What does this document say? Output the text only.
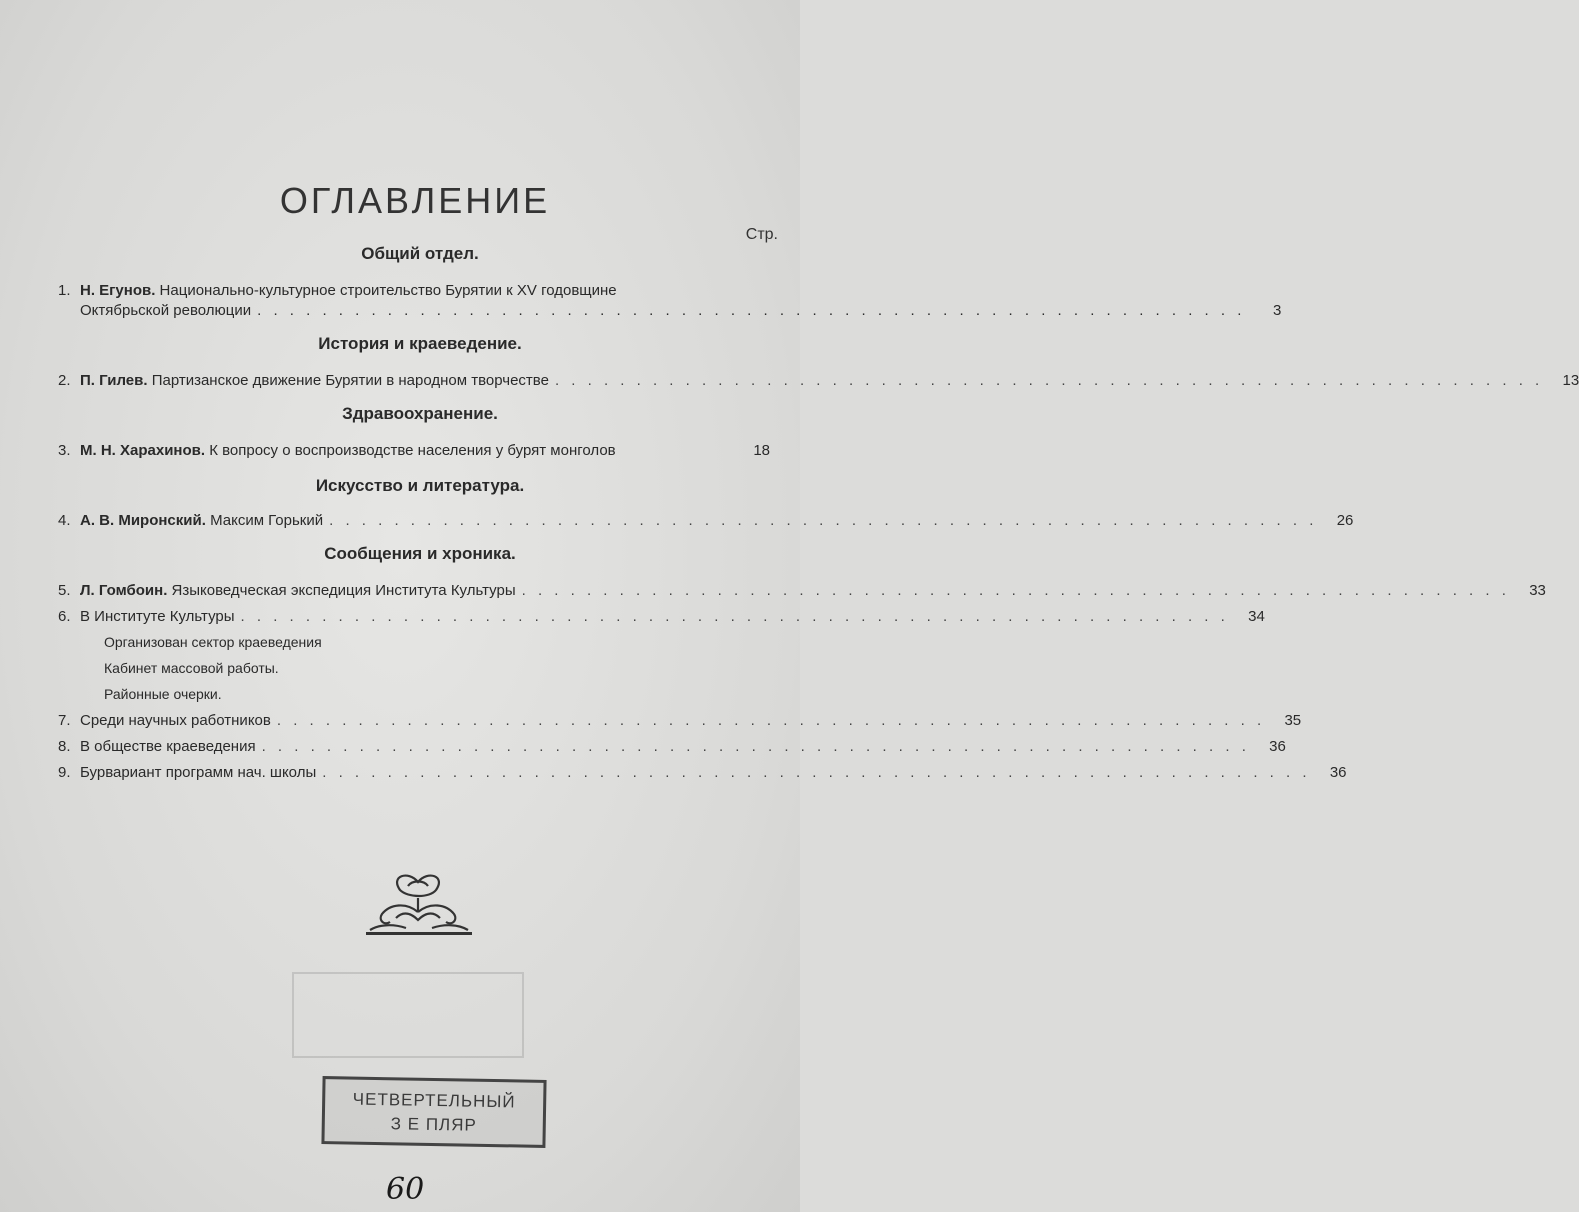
ОГЛАВЛЕНИЕ
Стр.
Общий отдел.
1. Н. Егунов. Национально-культурное строительство Бурятии к XV годовщине
Октябрьской революции . . . . . . . . . . . . . . . . . . . . . . . . . . . . . . . . . . . . . . . . . . . . . . . . . . . . . . . . . . . . .	3
История и краеведение.
2. П. Гилев. Партизанское движение Бурятии в народном творчестве . . . . . . . . . . . . . . . . . . . . . . . . . . . . . . . . . . . . . . . . . . . . . . . . . . . . . . . . . . . . .	13
Здравоохранение.
3. М. Н. Харахинов. К вопросу о воспроизводстве населения у бурят монголов	18
Искусство и литература.
4. А. В. Миронский. Максим Горький . . . . . . . . . . . . . . . . . . . . . . . . . . . . . . . . . . . . . . . . . . . . . . . . . . . . . . . . . . . . .	26
Сообщения и хроника.
5. Л. Гомбоин. Языковедческая экспедиция Института Культуры . . . . . . . . . . . . . . . . . . . . . . . . . . . . . . . . . . . . . . . . . . . . . . . . . . . . . . . . . . . . .	33
6. В Институте Культуры . . . . . . . . . . . . . . . . . . . . . . . . . . . . . . . . . . . . . . . . . . . . . . . . . . . . . . . . . . . . .	34
Организован сектор краеведения
Кабинет массовой работы.
Районные очерки.
7. Среди научных работников . . . . . . . . . . . . . . . . . . . . . . . . . . . . . . . . . . . . . . . . . . . . . . . . . . . . . . . . . . . . .	35
8. В обществе краеведения . . . . . . . . . . . . . . . . . . . . . . . . . . . . . . . . . . . . . . . . . . . . . . . . . . . . . . . . . . . . .	36
9. Бурвариант программ нач. школы . . . . . . . . . . . . . . . . . . . . . . . . . . . . . . . . . . . . . . . . . . . . . . . . . . . . . . . . . . . . .	36
ЧЕТВЕРТЕЛЬНЫЙ
З Е ПЛЯР
60
